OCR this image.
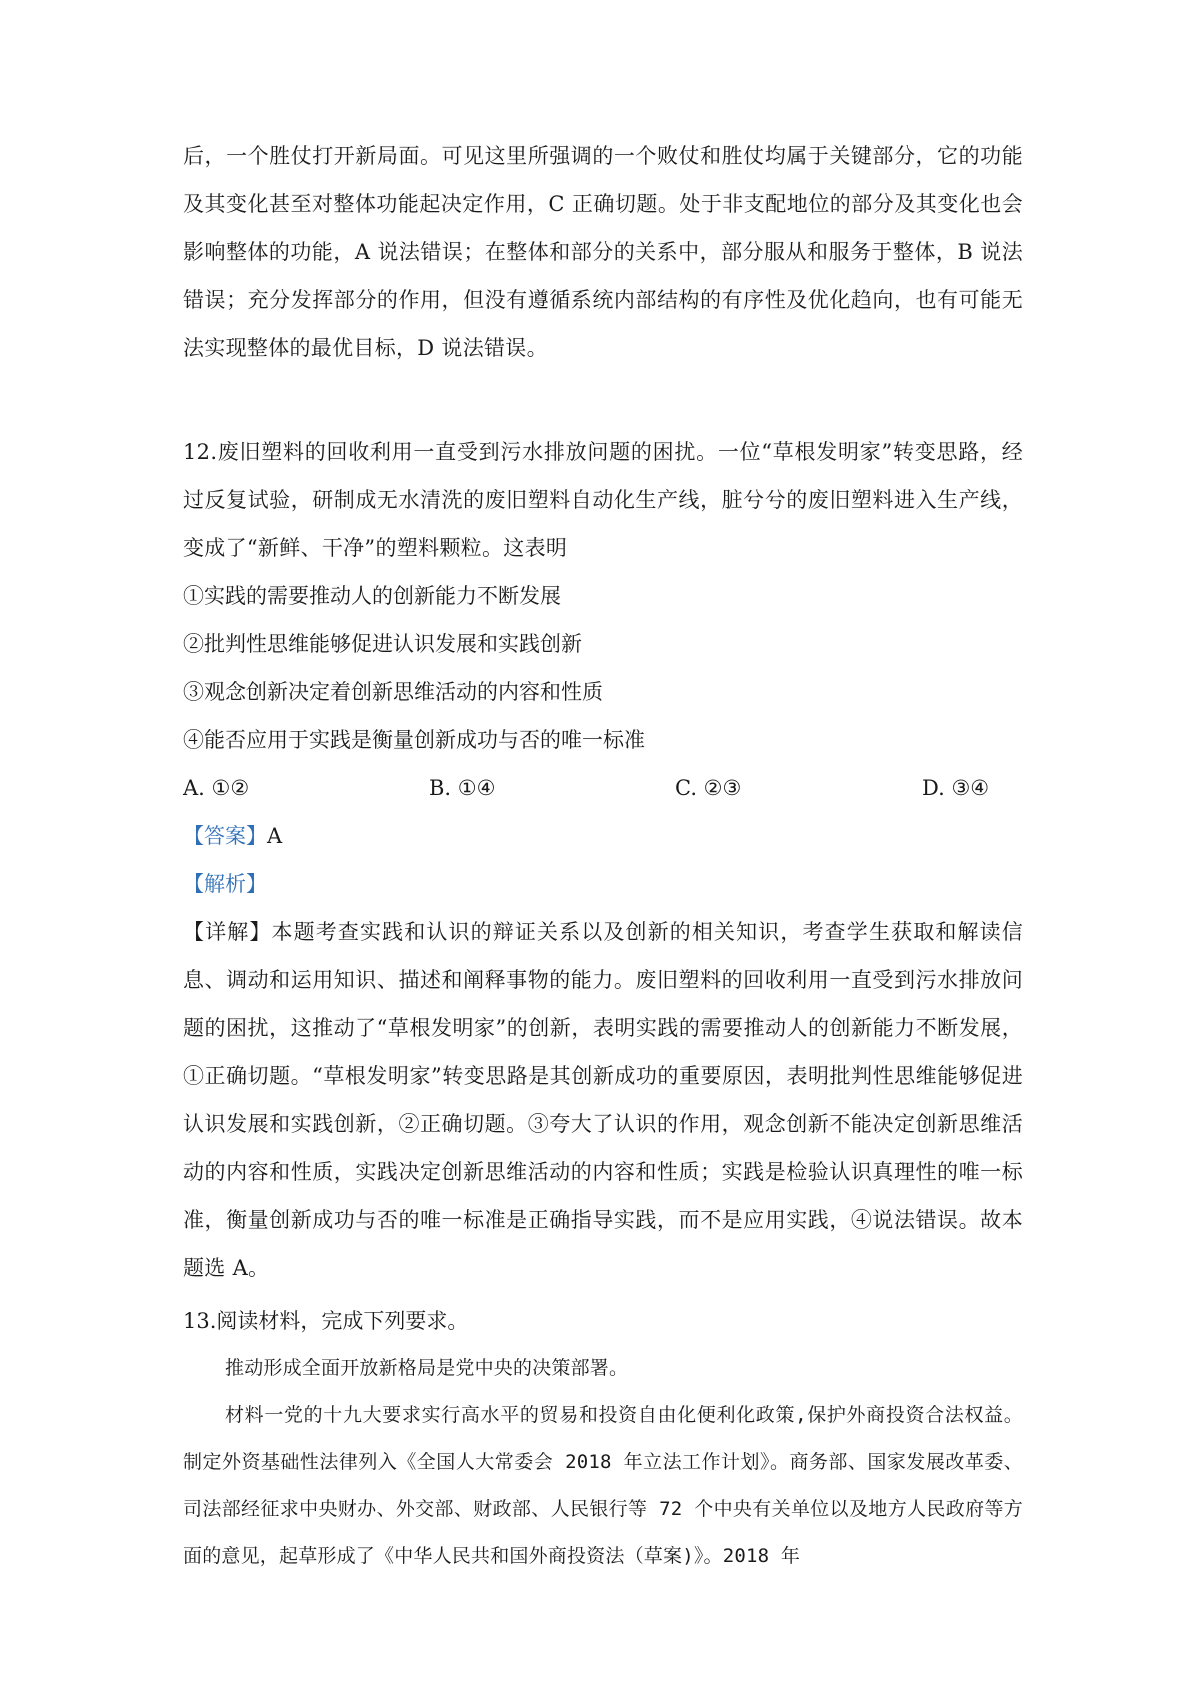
后，一个胜仗打开新局面。可见这里所强调的一个败仗和胜仗均属于关键部分，它的功能及其变化甚至对整体功能起决定作用，C 正确切题。处于非支配地位的部分及其变化也会影响整体的功能，A 说法错误；在整体和部分的关系中，部分服从和服务于整体，B 说法错误；充分发挥部分的作用，但没有遵循系统内部结构的有序性及优化趋向，也有可能无法实现整体的最优目标，D 说法错误。

12.废旧塑料的回收利用一直受到污水排放问题的困扰。一位“草根发明家”转变思路，经过反复试验，研制成无水清洗的废旧塑料自动化生产线，脏兮兮的废旧塑料进入生产线，变成了“新鲜、干净”的塑料颗粒。这表明

①实践的需要推动人的创新能力不断发展

②批判性思维能够促进认识发展和实践创新

③观念创新决定着创新思维活动的内容和性质

④能否应用于实践是衡量创新成功与否的唯一标准

A. ①②	B. ①④	C. ②③	D. ③④

【答案】A

【解析】

【详解】本题考查实践和认识的辩证关系以及创新的相关知识，考查学生获取和解读信息、调动和运用知识、描述和阐释事物的能力。废旧塑料的回收利用一直受到污水排放问题的困扰，这推动了“草根发明家”的创新，表明实践的需要推动人的创新能力不断发展，①正确切题。“草根发明家”转变思路是其创新成功的重要原因，表明批判性思维能够促进认识发展和实践创新，②正确切题。③夸大了认识的作用，观念创新不能决定创新思维活动的内容和性质，实践决定创新思维活动的内容和性质；实践是检验认识真理性的唯一标准，衡量创新成功与否的唯一标准是正确指导实践，而不是应用实践，④说法错误。故本题选 A。

13.阅读材料，完成下列要求。

推动形成全面开放新格局是党中央的决策部署。

材料一党的十九大要求实行高水平的贸易和投资自由化便利化政策,保护外商投资合法权益。制定外资基础性法律列入《全国人大常委会 2018 年立法工作计划》。商务部、国家发展改革委、司法部经征求中央财办、外交部、财政部、人民银行等 72 个中央有关单位以及地方人民政府等方面的意见，起草形成了《中华人民共和国外商投资法（草案)》。2018 年
